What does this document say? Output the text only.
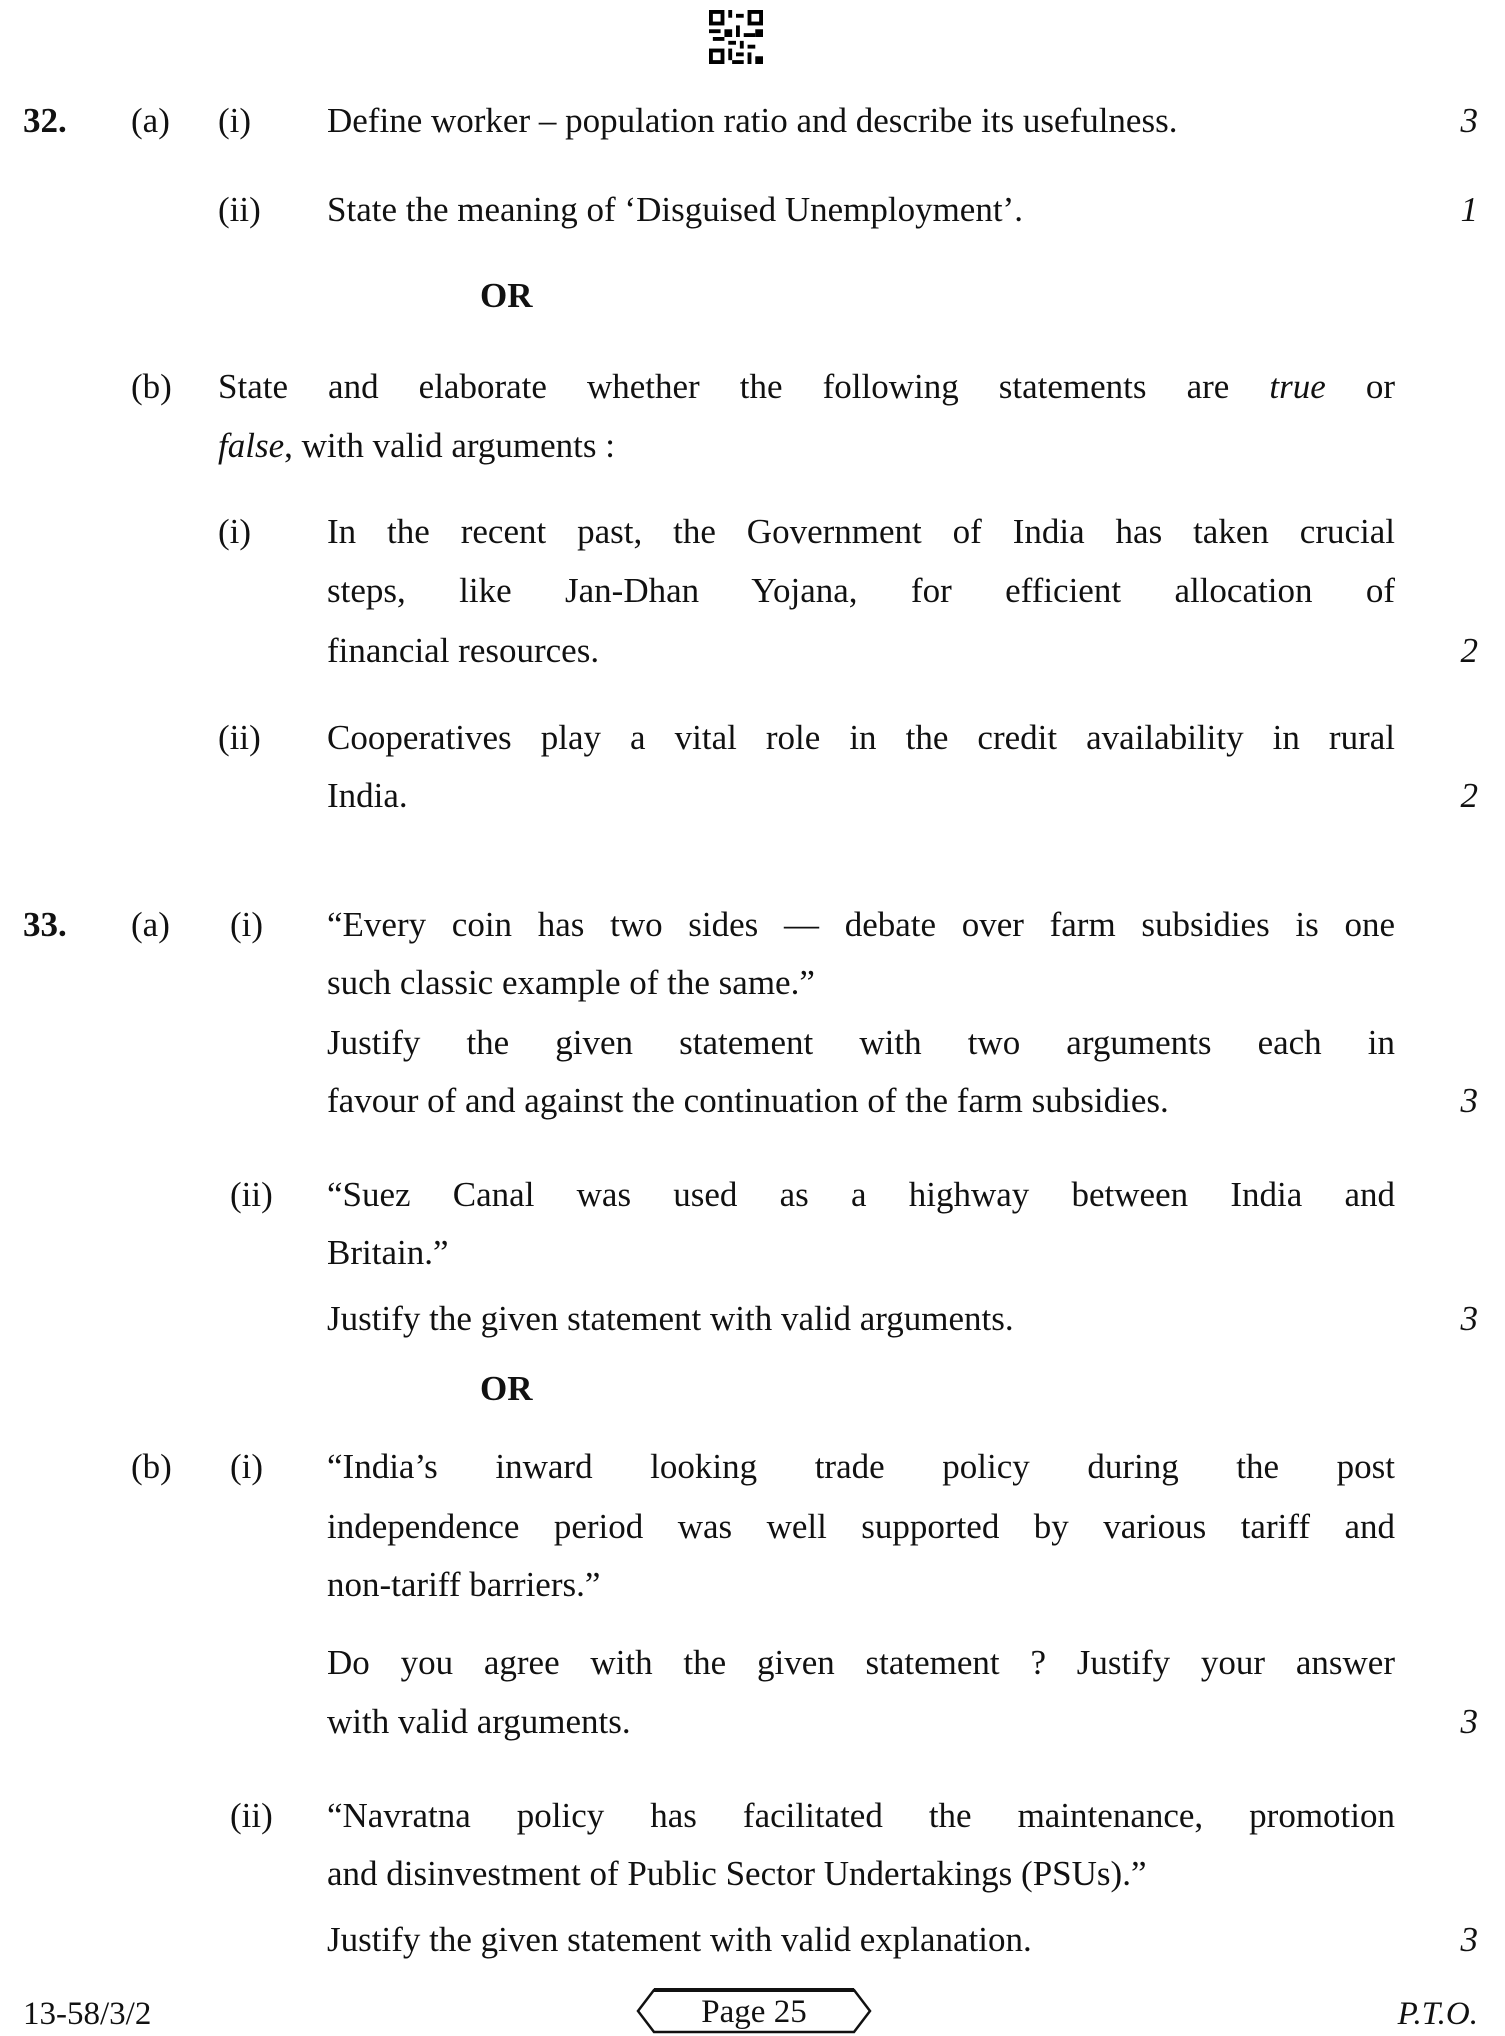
32. (a) (i) Define worker – population ratio and describe its usefulness.	3
(ii) State the meaning of ‘Disguised Unemployment’.	1
OR
(b) State and elaborate whether the following statements are true or
false, with valid arguments :
(i) In the recent past, the Government of India has taken crucial
steps, like Jan-Dhan Yojana, for efficient allocation of
financial resources.	2
(ii) Cooperatives play a vital role in the credit availability in rural
India.	2
33. (a) (i) “Every coin has two sides — debate over farm subsidies is one
such classic example of the same.”
Justify the given statement with two arguments each in
favour of and against the continuation of the farm subsidies.	3
(ii) “Suez Canal was used as a highway between India and
Britain.”
Justify the given statement with valid arguments.	3
OR
(b) (i) “India’s inward looking trade policy during the post
independence period was well supported by various tariff and
non-tariff barriers.”
Do you agree with the given statement ? Justify your answer
with valid arguments.	3
(ii) “Navratna policy has facilitated the maintenance, promotion
and disinvestment of Public Sector Undertakings (PSUs).”
Justify the given statement with valid explanation.	3
13-58/3/2	Page 25	P.T.O.
